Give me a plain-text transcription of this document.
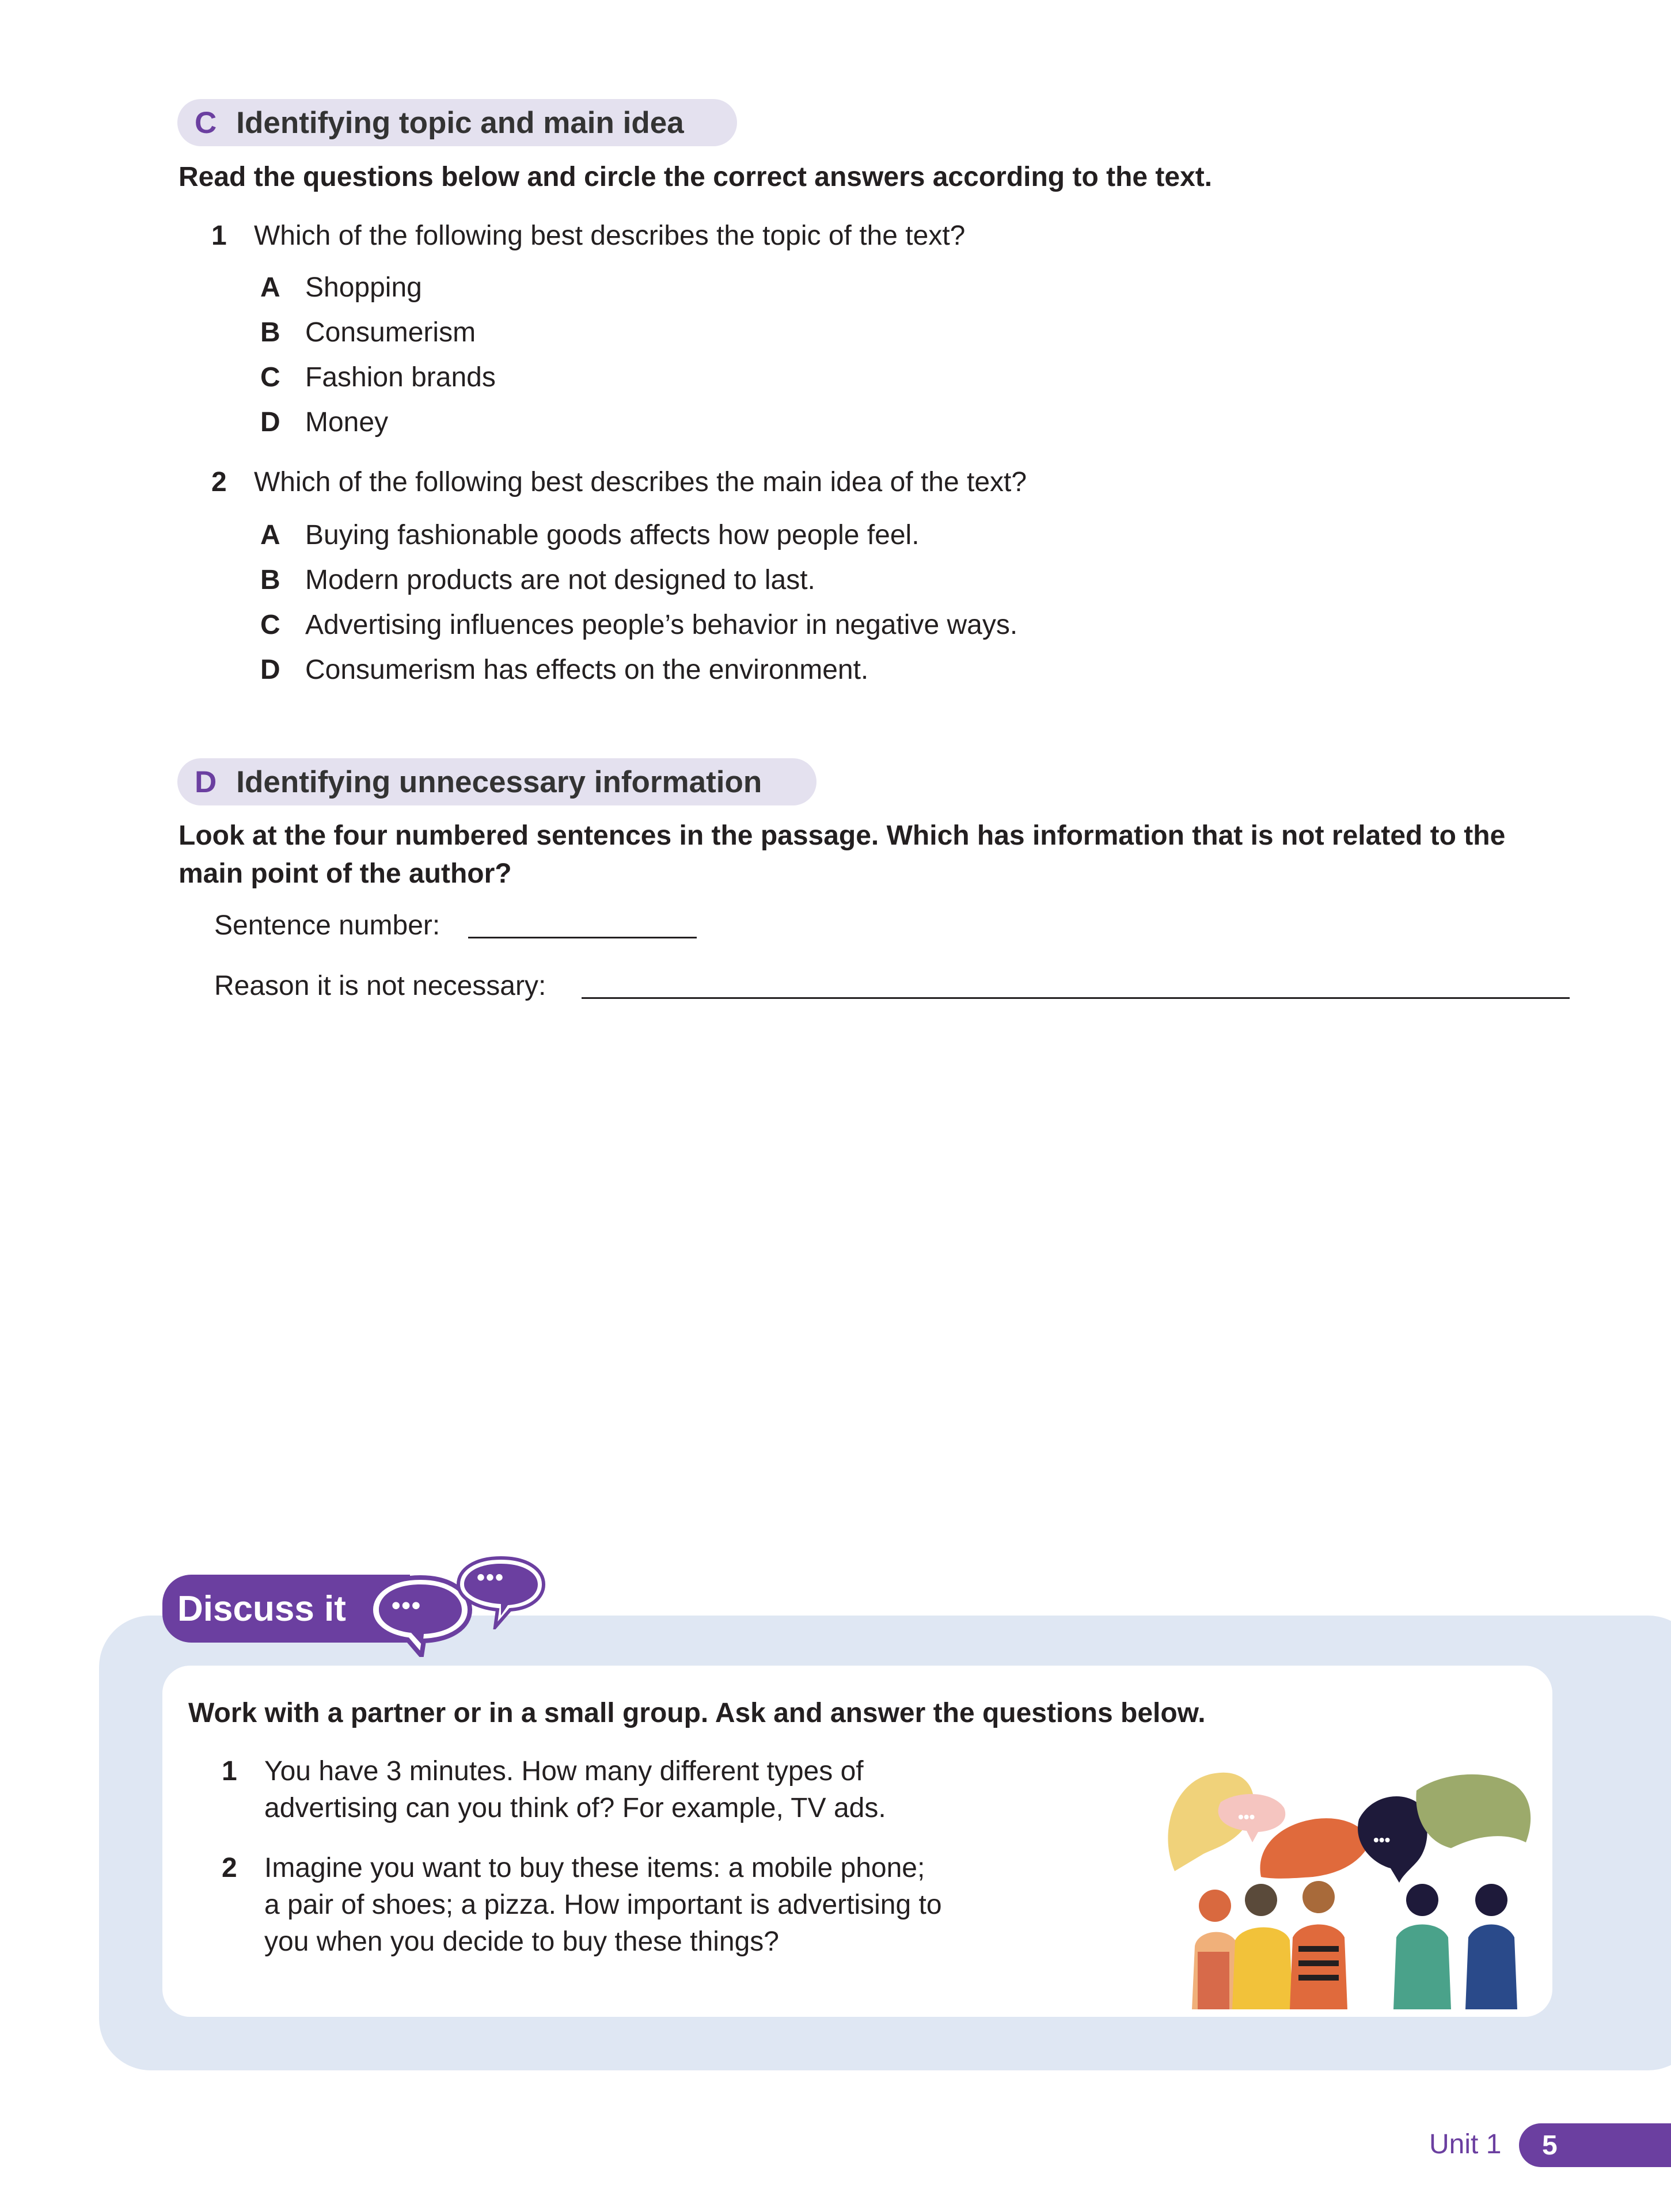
C Identifying topic and main idea
Read the questions below and circle the correct answers according to the text.
1 Which of the following best describes the topic of the text?
A Shopping
B Consumerism
C Fashion brands
D Money
2 Which of the following best describes the main idea of the text?
A Buying fashionable goods affects how people feel.
B Modern products are not designed to last.
C Advertising influences people’s behavior in negative ways.
D Consumerism has effects on the environment.
D Identifying unnecessary information
Look at the four numbered sentences in the passage. Which has information that is not related to the
main point of the author?
Sentence number:
Reason it is not necessary:
Discuss it •••
•••
Work with a partner or in a small group. Ask and answer the questions below.
1 You have 3 minutes. How many different types of
advertising can you think of? For example, TV ads.
2 Imagine you want to buy these items: a mobile phone;
a pair of shoes; a pizza. How important is advertising to
you when you decide to buy these things?
•••
•••
Unit 1 5
